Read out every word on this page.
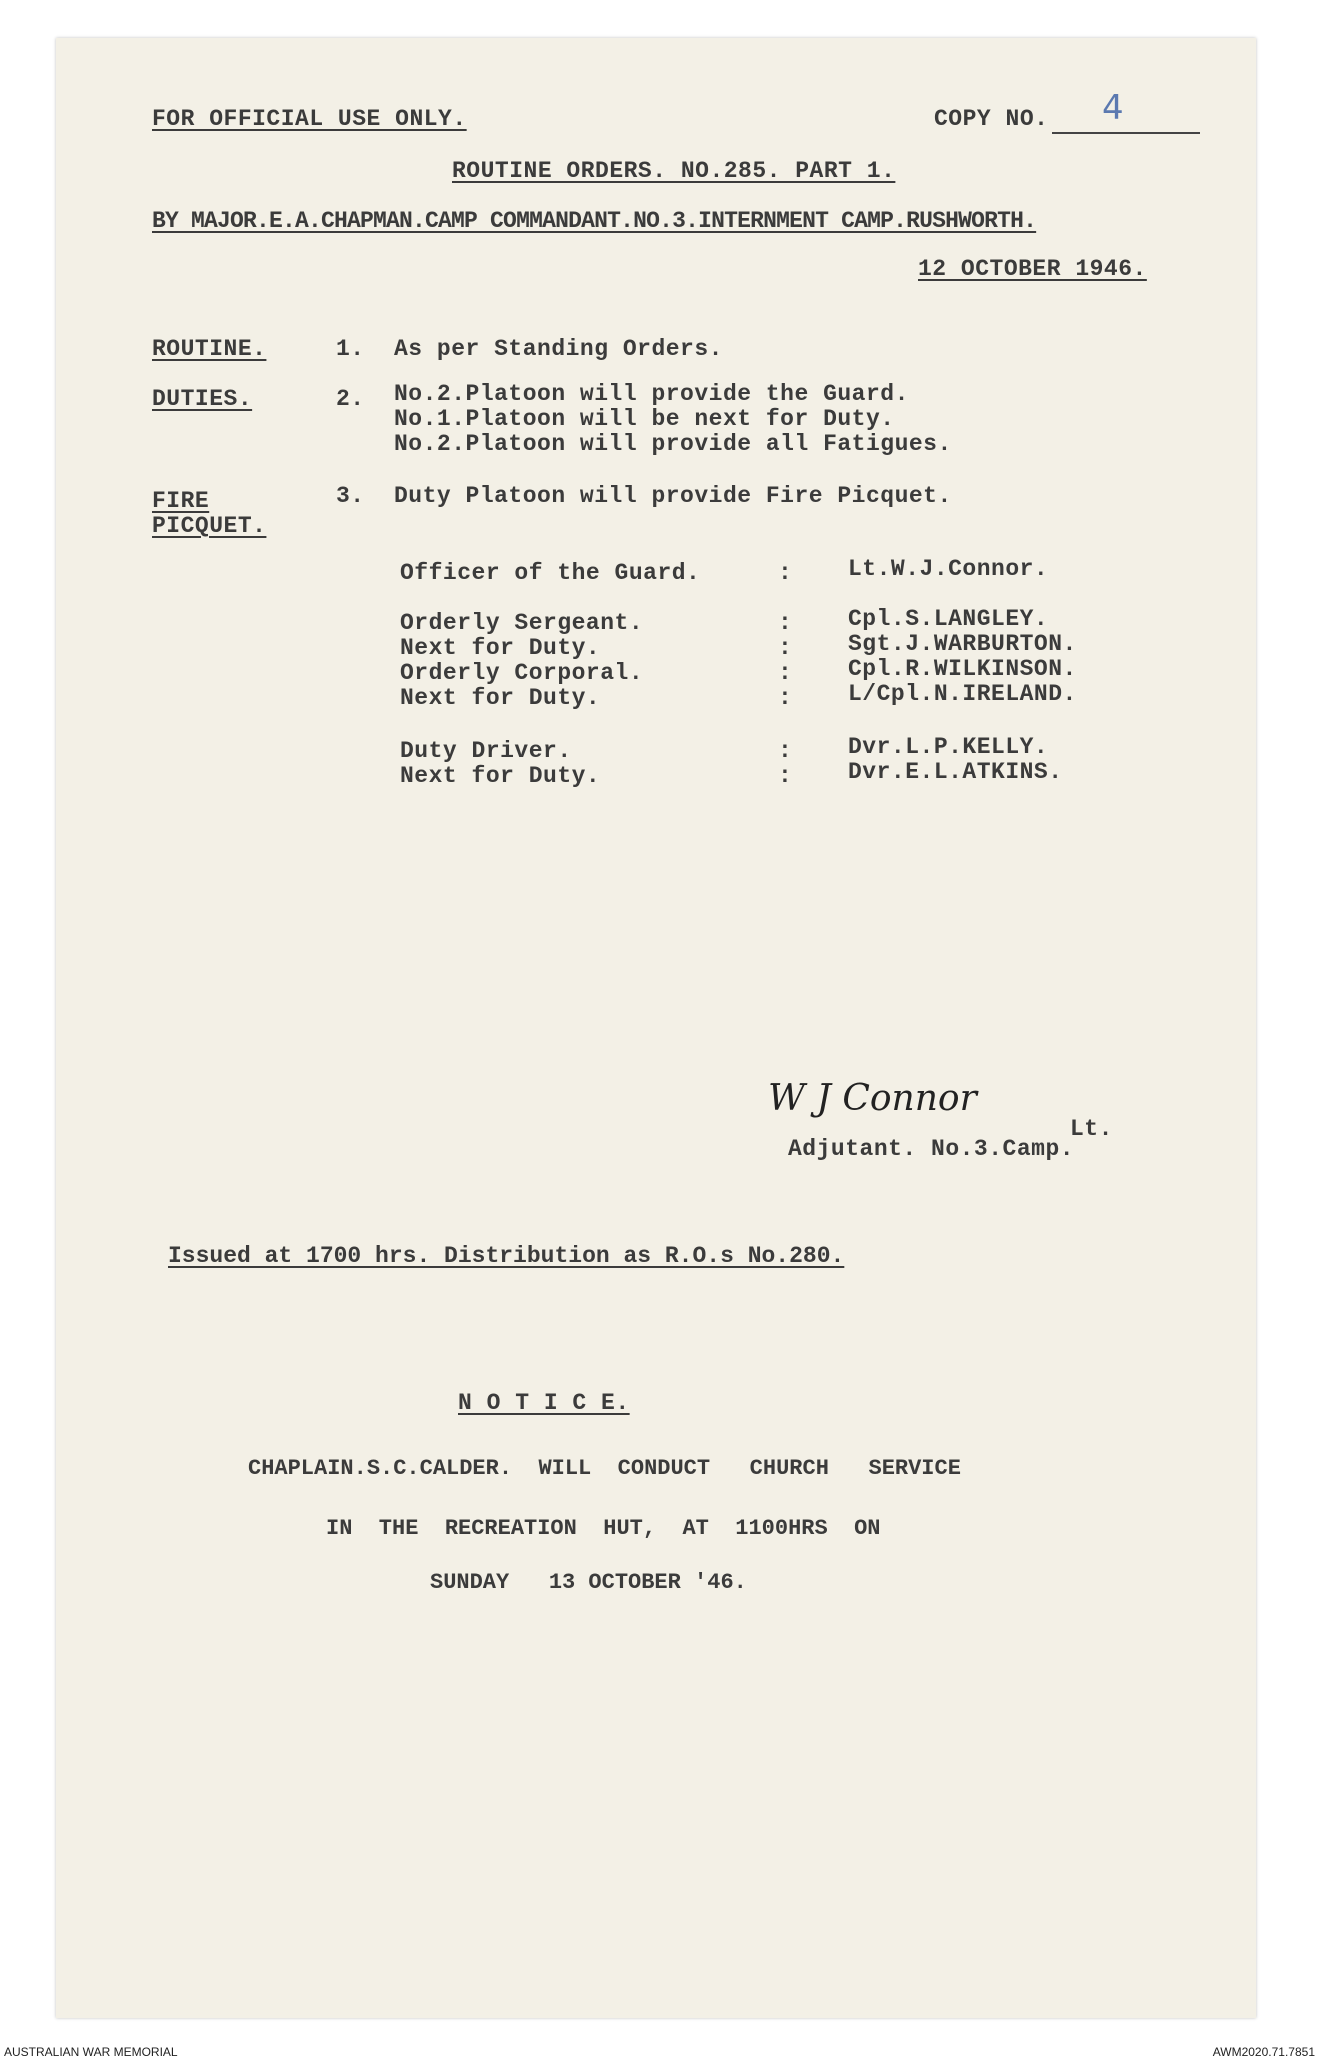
FOR OFFICIAL USE ONLY.	COPY NO. 4
ROUTINE ORDERS. NO.285. PART 1.
BY MAJOR.E.A.CHAPMAN.CAMP COMMANDANT.NO.3.INTERNMENT CAMP.RUSHWORTH.
12 OCTOBER 1946.
ROUTINE.	1. As per Standing Orders.
DUTIES.	2. No.2.Platoon will provide the Guard.
No.1.Platoon will be next for Duty.
No.2.Platoon will provide all Fatigues.
FIRE
PICQUET.
3. Duty Platoon will provide Fire Picquet.
Officer of the Guard.	: Lt.W.J.Connor.
Orderly Sergeant.	: Cpl.S.LANGLEY.
Next for Duty.	: Sgt.J.WARBURTON.
Orderly Corporal.	: Cpl.R.WILKINSON.
Next for Duty.	: L/Cpl.N.IRELAND.
Duty Driver.	: Dvr.L.P.KELLY.
Next for Duty.	: Dvr.E.L.ATKINS.
W J Connor
Lt.
Adjutant. No.3.Camp.
Issued at 1700 hrs. Distribution as R.O.s No.280.
N O T I C E.
CHAPLAIN.S.C.CALDER.  WILL  CONDUCT   CHURCH   SERVICE
IN  THE  RECREATION  HUT,  AT  1100HRS  ON
SUNDAY   13 OCTOBER '46.
AUSTRALIAN WAR MEMORIAL	AWM2020.71.7851
